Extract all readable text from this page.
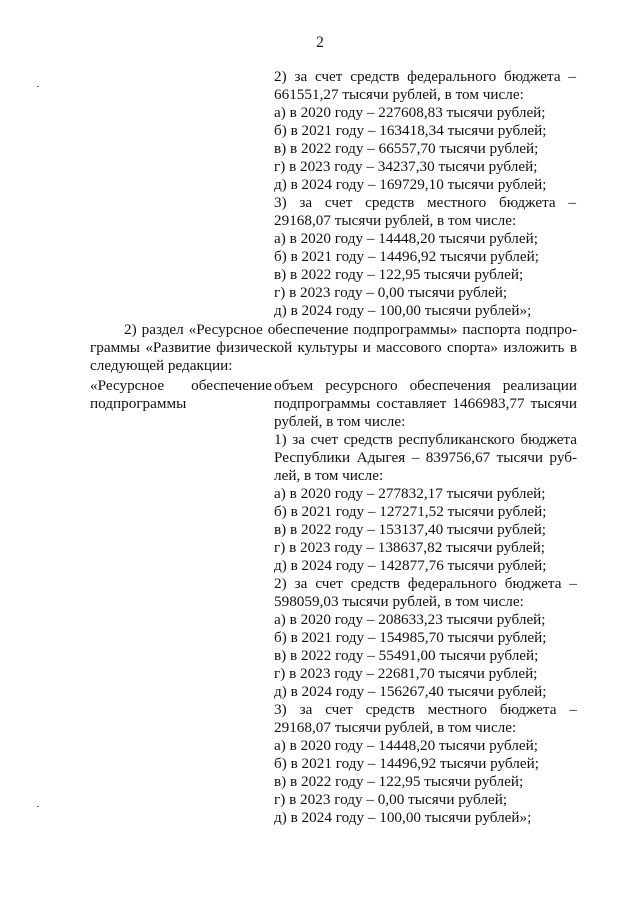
2
2) за счет средств федерального бюджета –
661551,27 тысячи рублей, в том числе:
а) в 2020 году – 227608,83 тысячи рублей;
б) в 2021 году – 163418,34 тысячи рублей;
в) в 2022 году – 66557,70 тысячи рублей;
г) в 2023 году – 34237,30 тысячи рублей;
д) в 2024 году – 169729,10 тысячи рублей;
3) за счет средств местного бюджета –
29168,07 тысячи рублей, в том числе:
а) в 2020 году – 14448,20 тысячи рублей;
б) в 2021 году – 14496,92 тысячи рублей;
в) в 2022 году – 122,95 тысячи рублей;
г) в 2023 году – 0,00 тысячи рублей;
д) в 2024 году – 100,00 тысячи рублей»;
2) раздел «Ресурсное обеспечение подпрограммы» паспорта подпро-
граммы «Развитие физической культуры и массового спорта» изложить в
следующей редакции:
«Ресурсное обеспечение
подпрограммы
объем ресурсного обеспечения реализации
подпрограммы составляет 1466983,77 тысячи
рублей, в том числе:
1) за счет средств республиканского бюджета
Республики Адыгея – 839756,67 тысячи руб-
лей, в том числе:
а) в 2020 году – 277832,17 тысячи рублей;
б) в 2021 году – 127271,52 тысячи рублей;
в) в 2022 году – 153137,40 тысячи рублей;
г) в 2023 году – 138637,82 тысячи рублей;
д) в 2024 году – 142877,76 тысячи рублей;
2) за счет средств федерального бюджета –
598059,03 тысячи рублей, в том числе:
а) в 2020 году – 208633,23 тысячи рублей;
б) в 2021 году – 154985,70 тысячи рублей;
в) в 2022 году – 55491,00 тысячи рублей;
г) в 2023 году – 22681,70 тысячи рублей;
д) в 2024 году – 156267,40 тысячи рублей;
3) за счет средств местного бюджета –
29168,07 тысячи рублей, в том числе:
а) в 2020 году – 14448,20 тысячи рублей;
б) в 2021 году – 14496,92 тысячи рублей;
в) в 2022 году – 122,95 тысячи рублей;
г) в 2023 году – 0,00 тысячи рублей;
д) в 2024 году – 100,00 тысячи рублей»;
